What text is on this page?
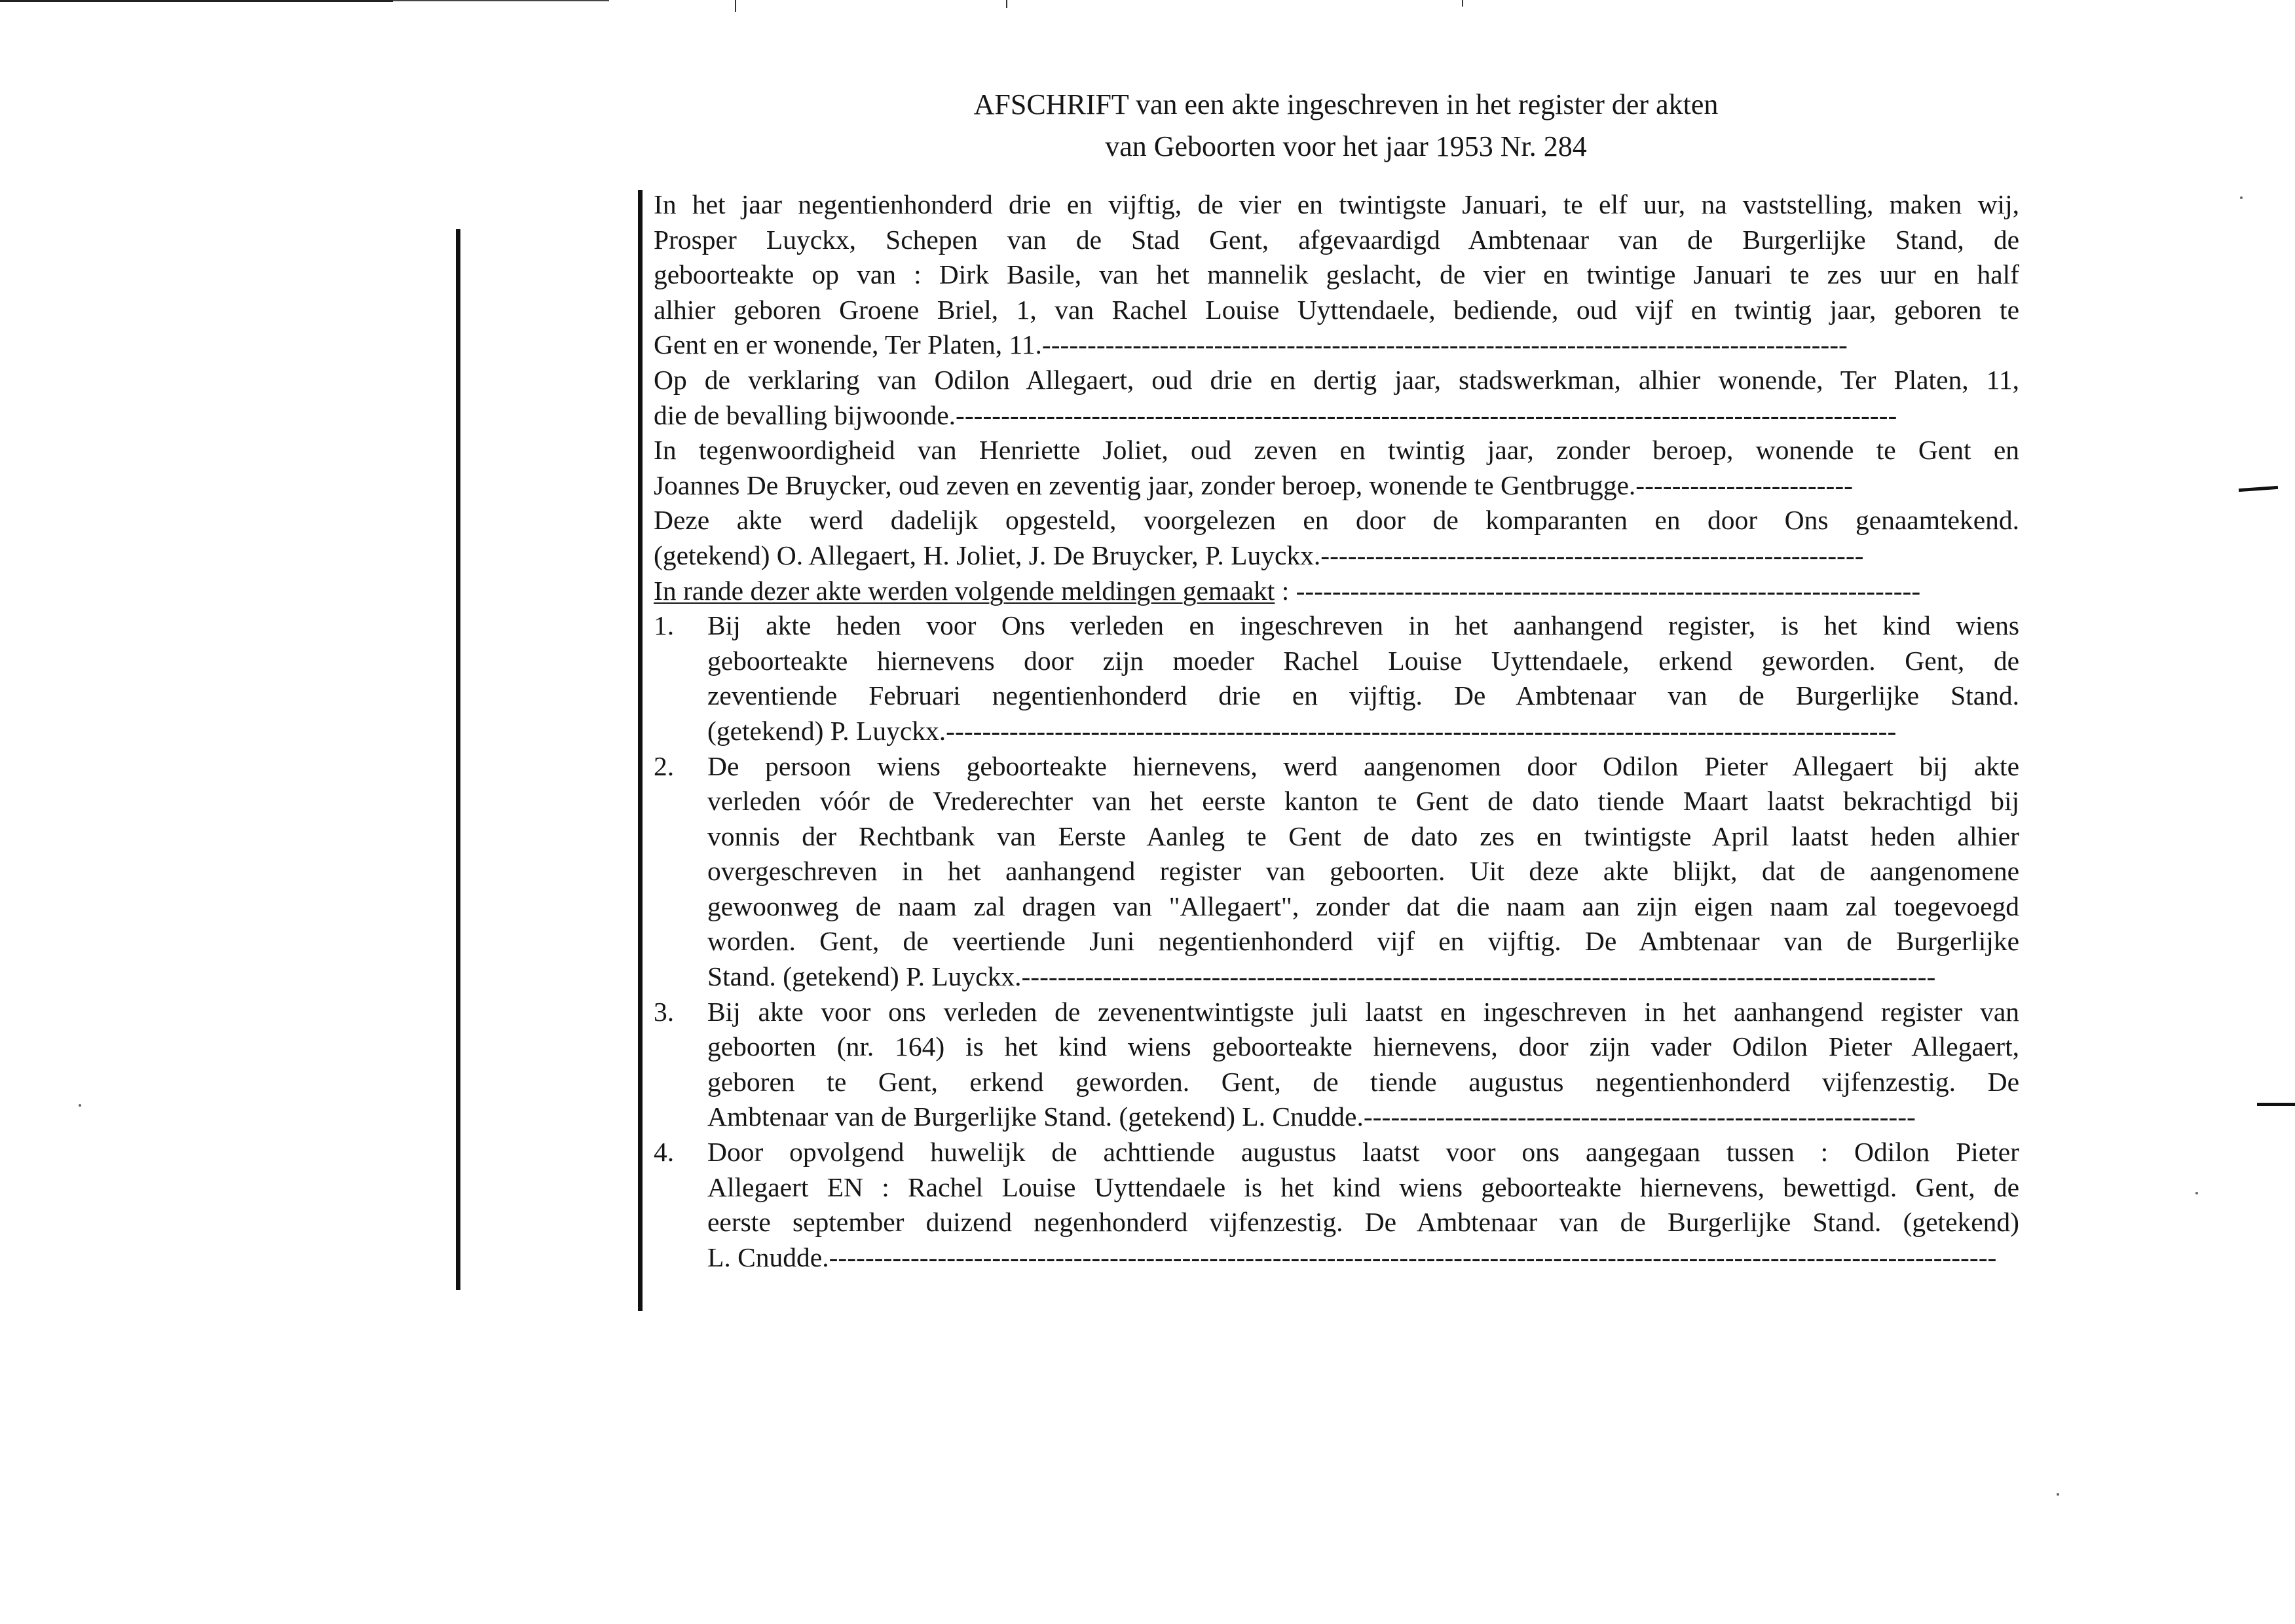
AFSCHRIFT van een akte ingeschreven in het register der akten
van Geboorten voor het jaar 1953 Nr. 284
In het jaar negentienhonderd drie en vijftig, de vier en twintigste Januari, te elf uur, na vaststelling, maken wij,
Prosper Luyckx, Schepen van de Stad Gent, afgevaardigd Ambtenaar van de Burgerlijke Stand, de
geboorteakte op van : Dirk Basile, van het mannelik geslacht, de vier en twintige Januari te zes uur en half
alhier geboren Groene Briel, 1, van Rachel Louise Uyttendaele, bediende, oud vijf en twintig jaar, geboren te
Gent en er wonende, Ter Platen, 11.-----------------------------------------------------------------------------------------
Op de verklaring van Odilon Allegaert, oud drie en dertig jaar, stadswerkman, alhier wonende, Ter Platen, 11,
die de bevalling bijwoonde.--------------------------------------------------------------------------------------------------------
In tegenwoordigheid van Henriette Joliet, oud zeven en twintig jaar, zonder beroep, wonende te Gent en
Joannes De Bruycker, oud zeven en zeventig jaar, zonder beroep, wonende te Gentbrugge.------------------------
Deze akte werd dadelijk opgesteld, voorgelezen en door de komparanten en door Ons genaamtekend.
(getekend) O. Allegaert, H. Joliet, J. De Bruycker, P. Luyckx.------------------------------------------------------------
In rande dezer akte werden volgende meldingen gemaakt : ---------------------------------------------------------------------
1. Bij akte heden voor Ons verleden en ingeschreven in het aanhangend register, is het kind wiens
geboorteakte hiernevens door zijn moeder Rachel Louise Uyttendaele, erkend geworden. Gent, de
zeventiende Februari negentienhonderd drie en vijftig. De Ambtenaar van de Burgerlijke Stand.
(getekend) P. Luyckx.---------------------------------------------------------------------------------------------------------
2. De persoon wiens geboorteakte hiernevens, werd aangenomen door Odilon Pieter Allegaert bij akte
verleden vóór de Vrederechter van het eerste kanton te Gent de dato tiende Maart laatst bekrachtigd bij
vonnis der Rechtbank van Eerste Aanleg te Gent de dato zes en twintigste April laatst heden alhier
overgeschreven in het aanhangend register van geboorten. Uit deze akte blijkt, dat de aangenomene
gewoonweg de naam zal dragen van "Allegaert", zonder dat die naam aan zijn eigen naam zal toegevoegd
worden. Gent, de veertiende Juni negentienhonderd vijf en vijftig. De Ambtenaar van de Burgerlijke
Stand. (getekend) P. Luyckx.-----------------------------------------------------------------------------------------------------
3. Bij akte voor ons verleden de zevenentwintigste juli laatst en ingeschreven in het aanhangend register van
geboorten (nr. 164) is het kind wiens geboorteakte hiernevens, door zijn vader Odilon Pieter Allegaert,
geboren te Gent, erkend geworden. Gent, de tiende augustus negentienhonderd vijfenzestig. De
Ambtenaar van de Burgerlijke Stand. (getekend) L. Cnudde.-------------------------------------------------------------
4. Door opvolgend huwelijk de achttiende augustus laatst voor ons aangegaan tussen : Odilon Pieter
Allegaert EN : Rachel Louise Uyttendaele is het kind wiens geboorteakte hiernevens, bewettigd. Gent, de
eerste september duizend negenhonderd vijfenzestig. De Ambtenaar van de Burgerlijke Stand. (getekend)
L. Cnudde.---------------------------------------------------------------------------------------------------------------------------------
